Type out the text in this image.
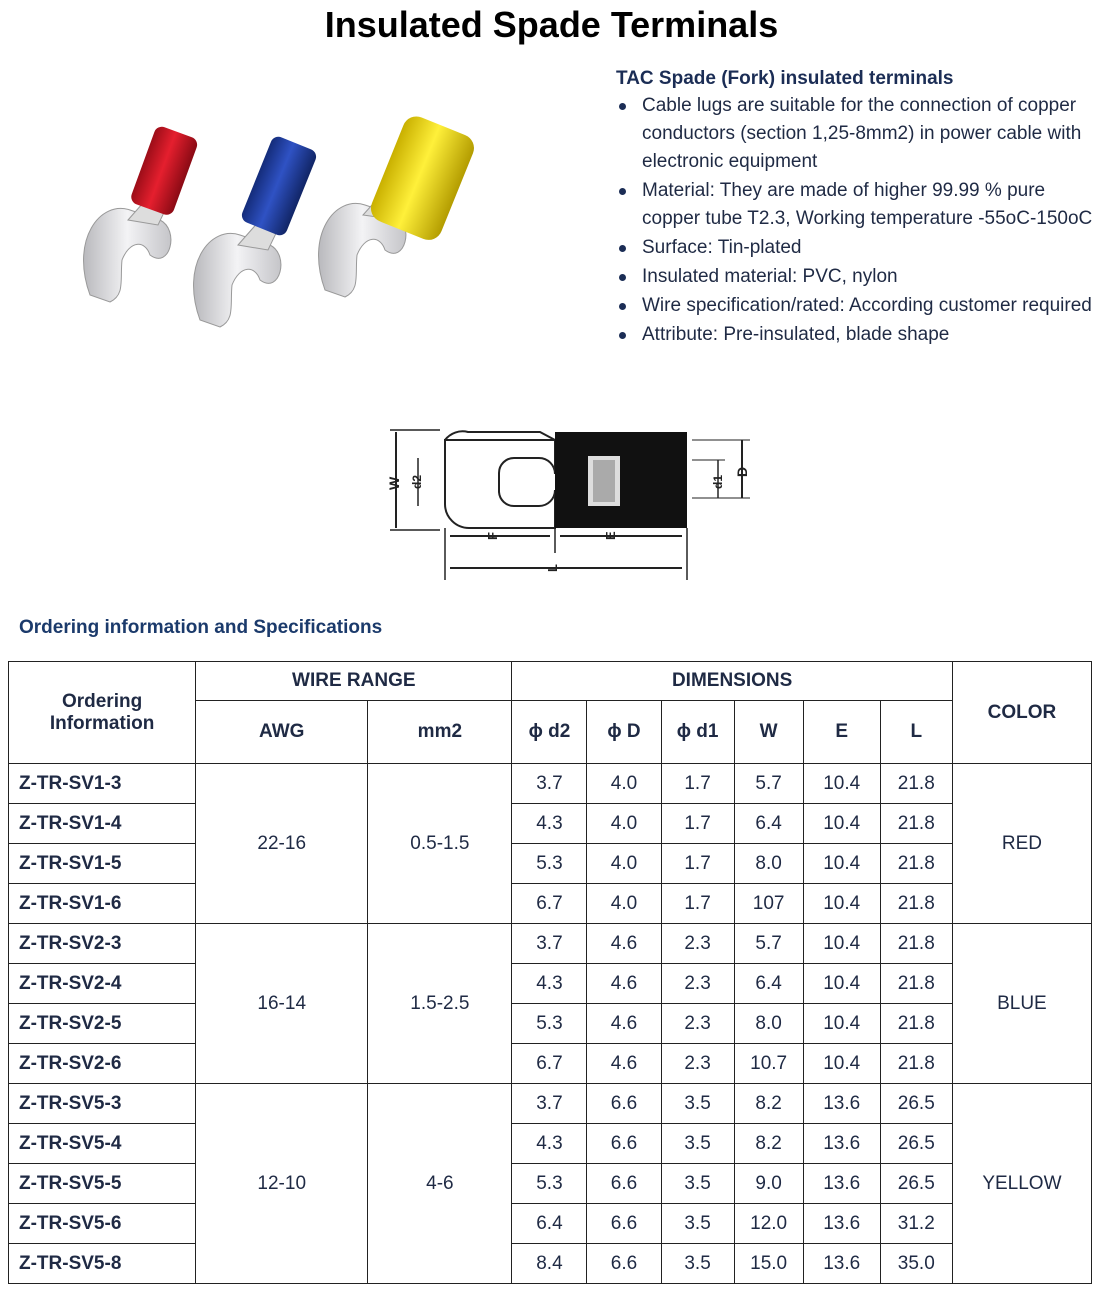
Insulated Spade Terminals

TAC Spade (Fork) insulated terminals

Cable lugs are suitable for the connection of copper conductors (section 1,25-8mm2) in power cable with electronic equipment
Material: They are made of higher 99.99 % pure copper tube T2.3, Working temperature -55oC-150oC
Surface: Tin-plated
Insulated material: PVC, nylon
Wire specification/rated: According customer required
Attribute: Pre-insulated, blade shape
W d2	d1
D
F	E
L

Ordering information and Specifications

Ordering Information	WIRE RANGE		DIMENSIONS						COLOR
	AWG	mm2	ϕ d2	ϕ D	ϕ d1	W	E	L	
Z-TR-SV1-3	22-16	0.5-1.5	3.7	4.0	1.7	5.7	10.4	21.8	RED
Z-TR-SV1-4			4.3	4.0	1.7	6.4	10.4	21.8	
Z-TR-SV1-5			5.3	4.0	1.7	8.0	10.4	21.8	
Z-TR-SV1-6			6.7	4.0	1.7	107	10.4	21.8	
Z-TR-SV2-3	16-14	1.5-2.5	3.7	4.6	2.3	5.7	10.4	21.8	BLUE
Z-TR-SV2-4			4.3	4.6	2.3	6.4	10.4	21.8	
Z-TR-SV2-5			5.3	4.6	2.3	8.0	10.4	21.8	
Z-TR-SV2-6			6.7	4.6	2.3	10.7	10.4	21.8	
Z-TR-SV5-3	12-10	4-6	3.7	6.6	3.5	8.2	13.6	26.5	YELLOW
Z-TR-SV5-4			4.3	6.6	3.5	8.2	13.6	26.5	
Z-TR-SV5-5			5.3	6.6	3.5	9.0	13.6	26.5	
Z-TR-SV5-6			6.4	6.6	3.5	12.0	13.6	31.2	
Z-TR-SV5-8			8.4	6.6	3.5	15.0	13.6	35.0	
